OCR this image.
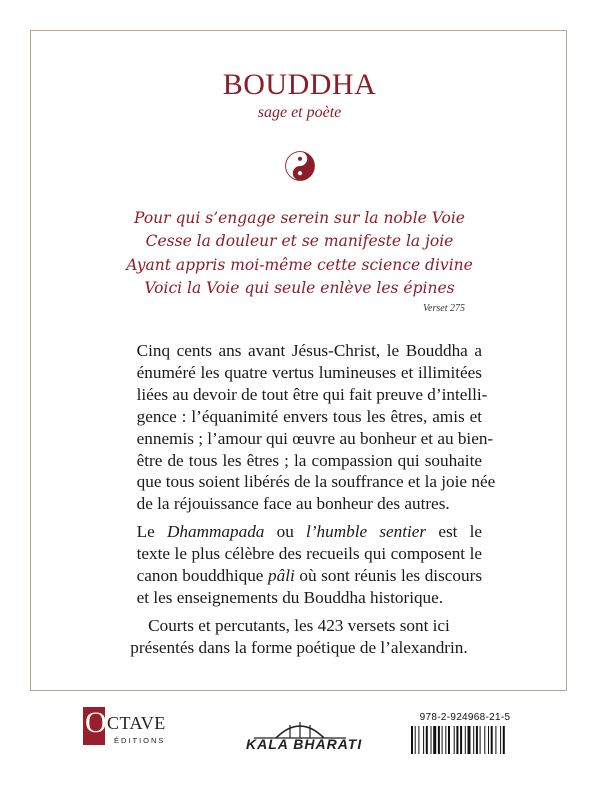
BOUDDHA
sage et poète
Pour qui s’engage serein sur la noble Voie
Cesse la douleur et se manifeste la joie
Ayant appris moi-même cette science divine
Voici la Voie qui seule enlève les épines
Verset 275

Cinq cents ans avant Jésus-Christ, le Bouddha a
énuméré les quatre vertus lumineuses et illimitées
liées au devoir de tout être qui fait preuve d’intelli-
gence : l’équanimité envers tous les êtres, amis et
ennemis ; l’amour qui œuvre au bonheur et au bien-
être de tous les êtres ; la compassion qui souhaite
que tous soient libérés de la souffrance et la joie née
de la réjouissance face au bonheur des autres.

Le Dhammapada ou l’humble sentier est le
texte le plus célèbre des recueils qui composent le
canon bouddhique pâli où sont réunis les discours
et les enseignements du Bouddha historique.

Courts et percutants, les 423 versets sont ici
présentés dans la forme poétique de l’alexandrin.

O CTAVE
ÉDITIONS	KALA BHARATI
978-2-924968-21-5
